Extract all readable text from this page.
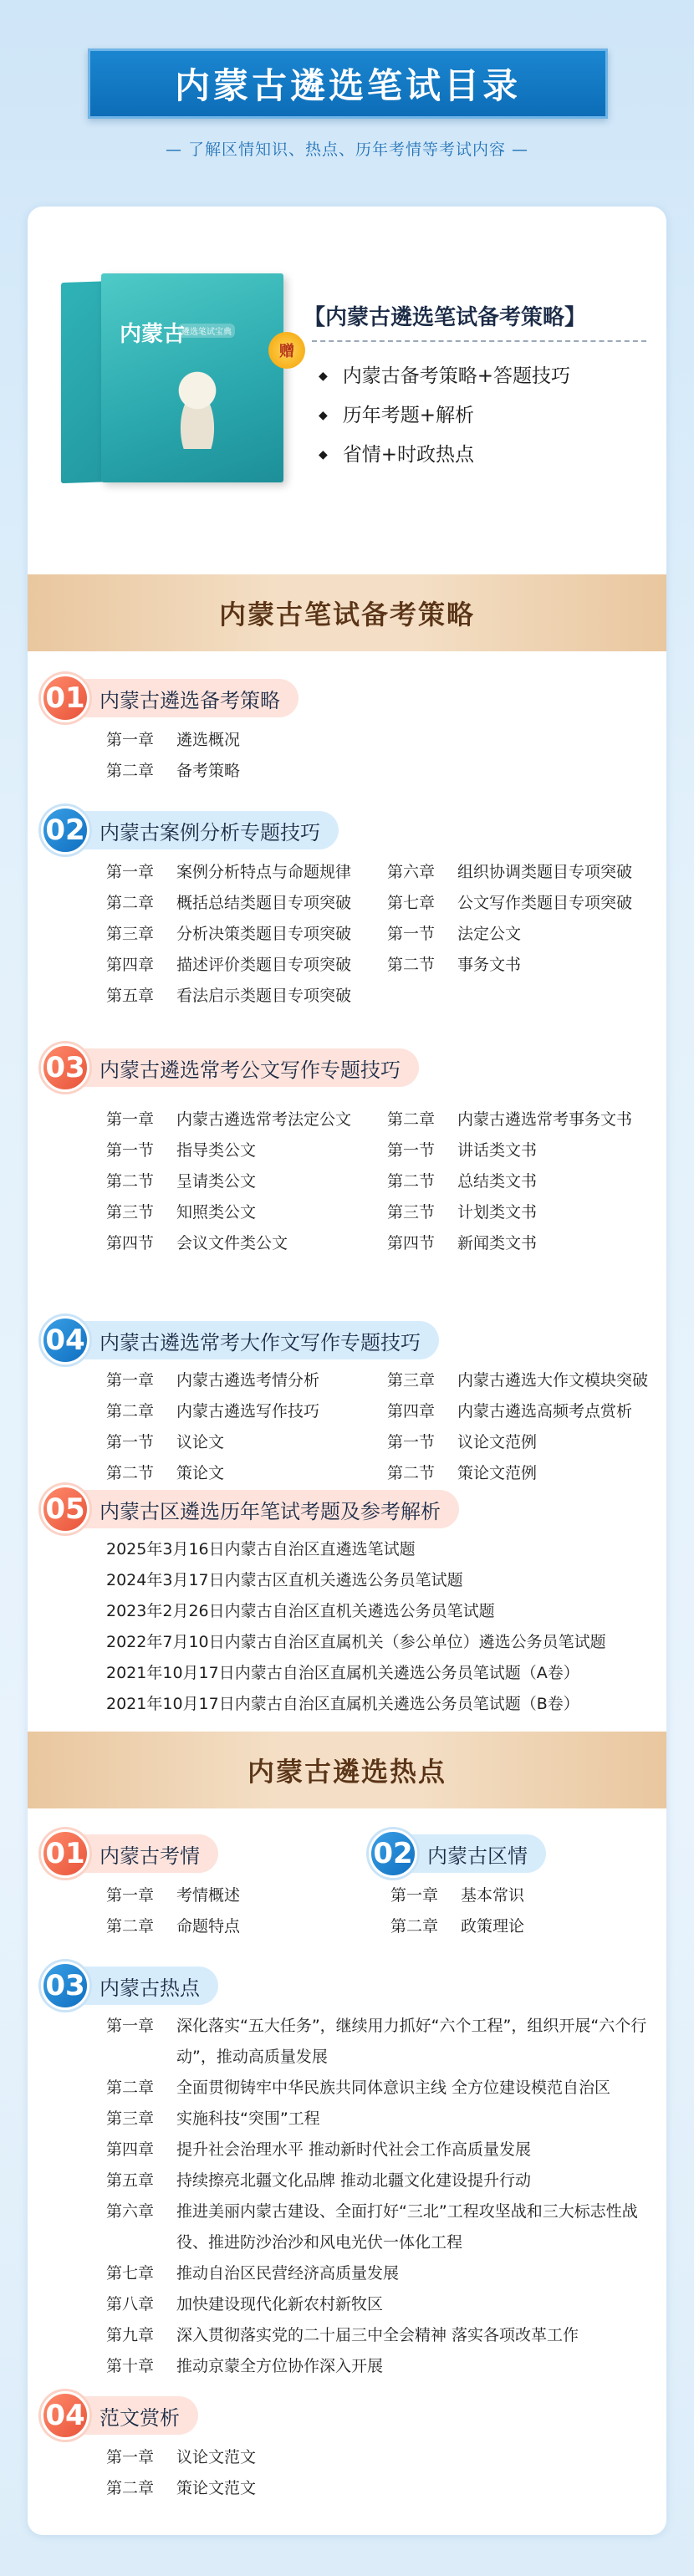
内蒙古遴选笔试目录
— 了解区情知识、热点、历年考情等考试内容 —
内蒙古
遴选笔试宝典
赠
【内蒙古遴选笔试备考策略】
◆ 内蒙古备考策略+答题技巧
◆ 历年考题+解析
◆ 省情+时政热点
内蒙古笔试备考策略
01 内蒙古遴选备考策略
第一章	遴选概况
第二章	备考策略
02 内蒙古案例分析专题技巧
第一章	案例分析特点与命题规律
第二章	概括总结类题目专项突破
第三章	分析决策类题目专项突破
第四章	描述评价类题目专项突破
第五章	看法启示类题目专项突破
第六章	组织协调类题目专项突破
第七章	公文写作类题目专项突破
第一节	法定公文
第二节	事务文书
03 内蒙古遴选常考公文写作专题技巧
第一章	内蒙古遴选常考法定公文
第一节	指导类公文
第二节	呈请类公文
第三节	知照类公文
第四节	会议文件类公文
第二章	内蒙古遴选常考事务文书
第一节	讲话类文书
第二节	总结类文书
第三节	计划类文书
第四节	新闻类文书
04 内蒙古遴选常考大作文写作专题技巧
第一章	内蒙古遴选考情分析
第二章	内蒙古遴选写作技巧
第一节	议论文
第二节	策论文
第三章	内蒙古遴选大作文模块突破
第四章	内蒙古遴选高频考点赏析
第一节	议论文范例
第二节	策论文范例
05 内蒙古区遴选历年笔试考题及参考解析
2025年3月16日内蒙古自治区直遴选笔试题
2024年3月17日内蒙古区直机关遴选公务员笔试题
2023年2月26日内蒙古自治区直机关遴选公务员笔试题
2022年7月10日内蒙古自治区直属机关（参公单位）遴选公务员笔试题
2021年10月17日内蒙古自治区直属机关遴选公务员笔试题（A卷）
2021年10月17日内蒙古自治区直属机关遴选公务员笔试题（B卷）
内蒙古遴选热点
01 内蒙古考情
第一章	考情概述
第二章	命题特点
02 内蒙古区情
第一章	基本常识
第二章	政策理论
03 内蒙古热点
第一章	深化落实“五大任务”，继续用力抓好“六个工程”，组织开展“六个行动”，推动高质量发展
第二章	全面贯彻铸牢中华民族共同体意识主线 全方位建设模范自治区
第三章	实施科技“突围”工程
第四章	提升社会治理水平 推动新时代社会工作高质量发展
第五章	持续擦亮北疆文化品牌 推动北疆文化建设提升行动
第六章	推进美丽内蒙古建设、全面打好“三北”工程攻坚战和三大标志性战役、推进防沙治沙和风电光伏一体化工程
第七章	推动自治区民营经济高质量发展
第八章	加快建设现代化新农村新牧区
第九章	深入贯彻落实党的二十届三中全会精神 落实各项改革工作
第十章	推动京蒙全方位协作深入开展
04 范文赏析
第一章	议论文范文
第二章	策论文范文
